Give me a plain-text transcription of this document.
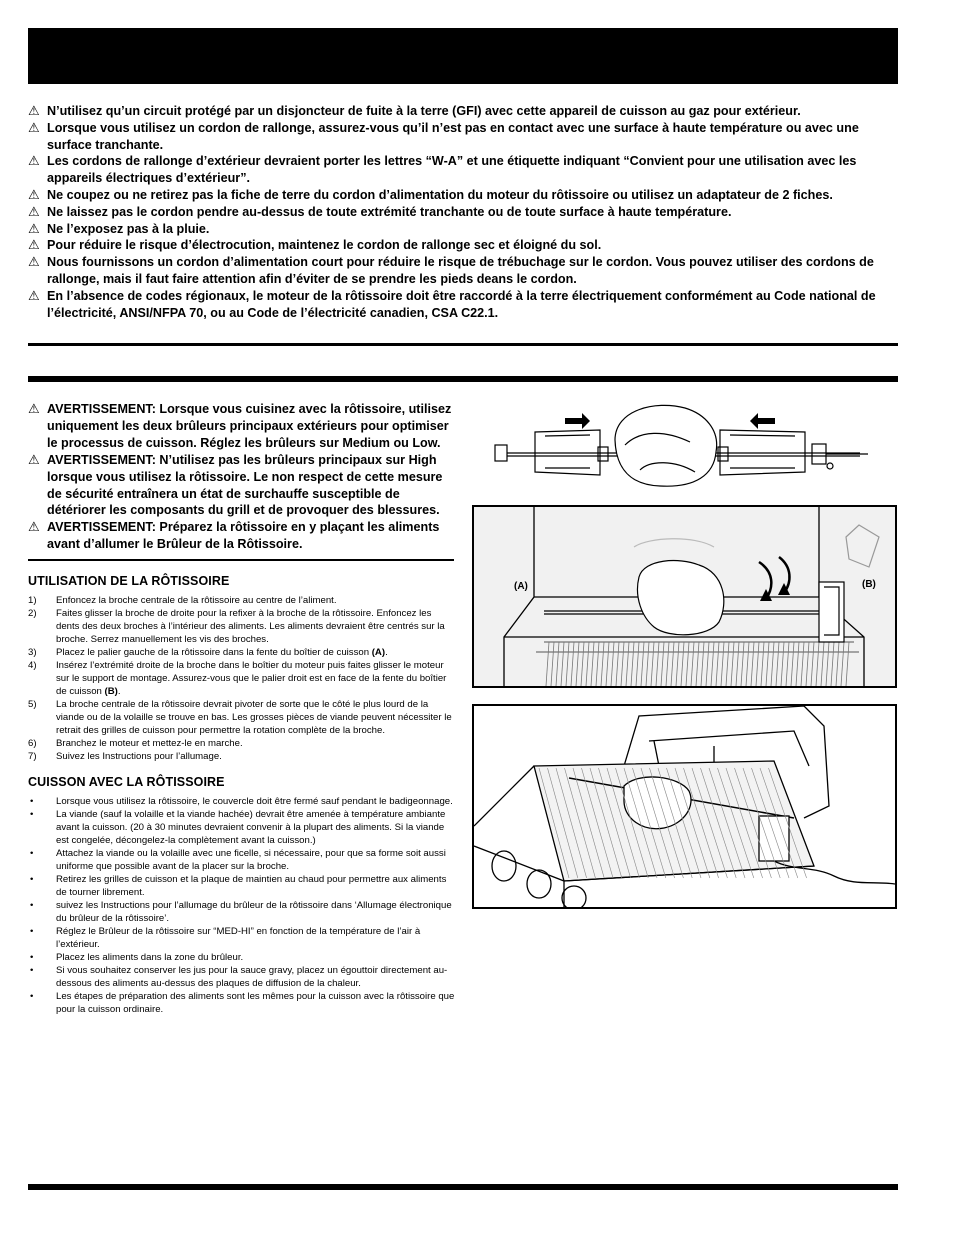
⚠ N’utilisez qu’un circuit protégé par un disjoncteur de fuite à la terre (GFI) avec cette appareil de cuisson au gaz pour extérieur.
⚠ Lorsque vous utilisez un cordon de rallonge, assurez-vous qu’il n’est pas en contact avec une surface à haute température ou avec une surface tranchante.
⚠ Les cordons de rallonge d’extérieur devraient porter les lettres “W-A” et une étiquette indiquant “Convient pour une utilisation avec les appareils électriques d’extérieur”.
⚠ Ne coupez ou ne retirez pas la fiche de terre du cordon d’alimentation du moteur du rôtissoire ou utilisez un adaptateur de 2 fiches.
⚠ Ne laissez pas le cordon pendre au-dessus de toute extrémité tranchante ou de toute surface à haute température.
⚠ Ne l’exposez pas à la pluie.
⚠ Pour réduire le risque d’électrocution, maintenez le cordon de rallonge sec et éloigné du sol.
⚠ Nous fournissons un cordon d’alimentation court pour réduire le risque de trébuchage sur le cordon. Vous pouvez utiliser des cordons de rallonge, mais il faut faire attention afin d’éviter de se prendre les pieds deans le cordon.
⚠ En l’absence de codes régionaux, le moteur de la rôtissoire doit être raccordé à la terre électriquement conformément au Code national de l’électricité, ANSI/NFPA 70, ou au Code de l’électricité canadien, CSA C22.1.
⚠ AVERTISSEMENT: Lorsque vous cuisinez avec la rôtissoire, utilisez uniquement les deux brûleurs principaux extérieurs pour optimiser le processus de cuisson. Réglez les brûleurs sur Medium ou Low.
⚠ AVERTISSEMENT: N’utilisez pas les brûleurs principaux sur High lorsque vous utilisez la rôtissoire. Le non respect de cette mesure de sécurité entraînera un état de surchauffe susceptible de détériorer les composants du grill et de provoquer des blessures.
⚠ AVERTISSEMENT: Préparez la rôtissoire en y plaçant les aliments avant d’allumer le Brûleur de la Rôtissoire.
UTILISATION DE LA RÔTISSOIRE
1) Enfoncez la broche centrale de la rôtissoire au centre de l’aliment.
2) Faites glisser la broche de droite pour la refixer à la broche de la rôtissoire. Enfoncez les dents des deux broches à l’intérieur des aliments. Les aliments devraient être centrés sur la broche. Serrez manuellement les vis des broches.
3) Placez le palier gauche de la rôtissoire dans la fente du boîtier de cuisson (A).
4) Insérez l’extrémité droite de la broche dans le boîtier du moteur puis faites glisser le moteur sur le support de montage. Assurez-vous que le palier droit est en face de la fente du boîtier de cuisson (B).
5) La broche centrale de la rôtissoire devrait pivoter de sorte que le côté le plus lourd de la viande ou de la volaille se trouve en bas. Les grosses pièces de viande peuvent nécessiter le retrait des grilles de cuisson pour permettre la rotation complète de la broche.
6) Branchez le moteur et mettez-le en marche.
7) Suivez les Instructions pour l’allumage.
CUISSON AVEC LA RÔTISSOIRE
• Lorsque vous utilisez la rôtissoire, le couvercle doit être fermé sauf pendant le badigeonnage.
• La viande (sauf la volaille et la viande hachée) devrait être amenée à température ambiante avant la cuisson. (20 à 30 minutes devraient convenir à la plupart des aliments. Si la viande est congelée, décongelez-la complètement avant la cuisson.)
• Attachez la viande ou la volaille avec une ficelle, si nécessaire, pour que sa forme soit aussi uniforme que possible avant de la placer sur la broche.
• Retirez les grilles de cuisson et la plaque de maintien au chaud pour permettre aux aliments de tourner librement.
• suivez les Instructions pour l’allumage du brûleur de la rôtissoire dans ‘Allumage électronique du brûleur de la rôtissoire’.
• Réglez le Brûleur de la rôtissoire sur “MED-HI” en fonction de la température de l’air à l’extérieur.
• Placez les aliments dans la zone du brûleur.
• Si vous souhaitez conserver les jus pour la sauce gravy, placez un égouttoir directement au-dessous des aliments au-dessus des plaques de diffusion de la chaleur.
• Les étapes de préparation des aliments sont les mêmes pour la cuisson avec la rôtissoire que pour la cuisson ordinaire.
(A)	(B)
